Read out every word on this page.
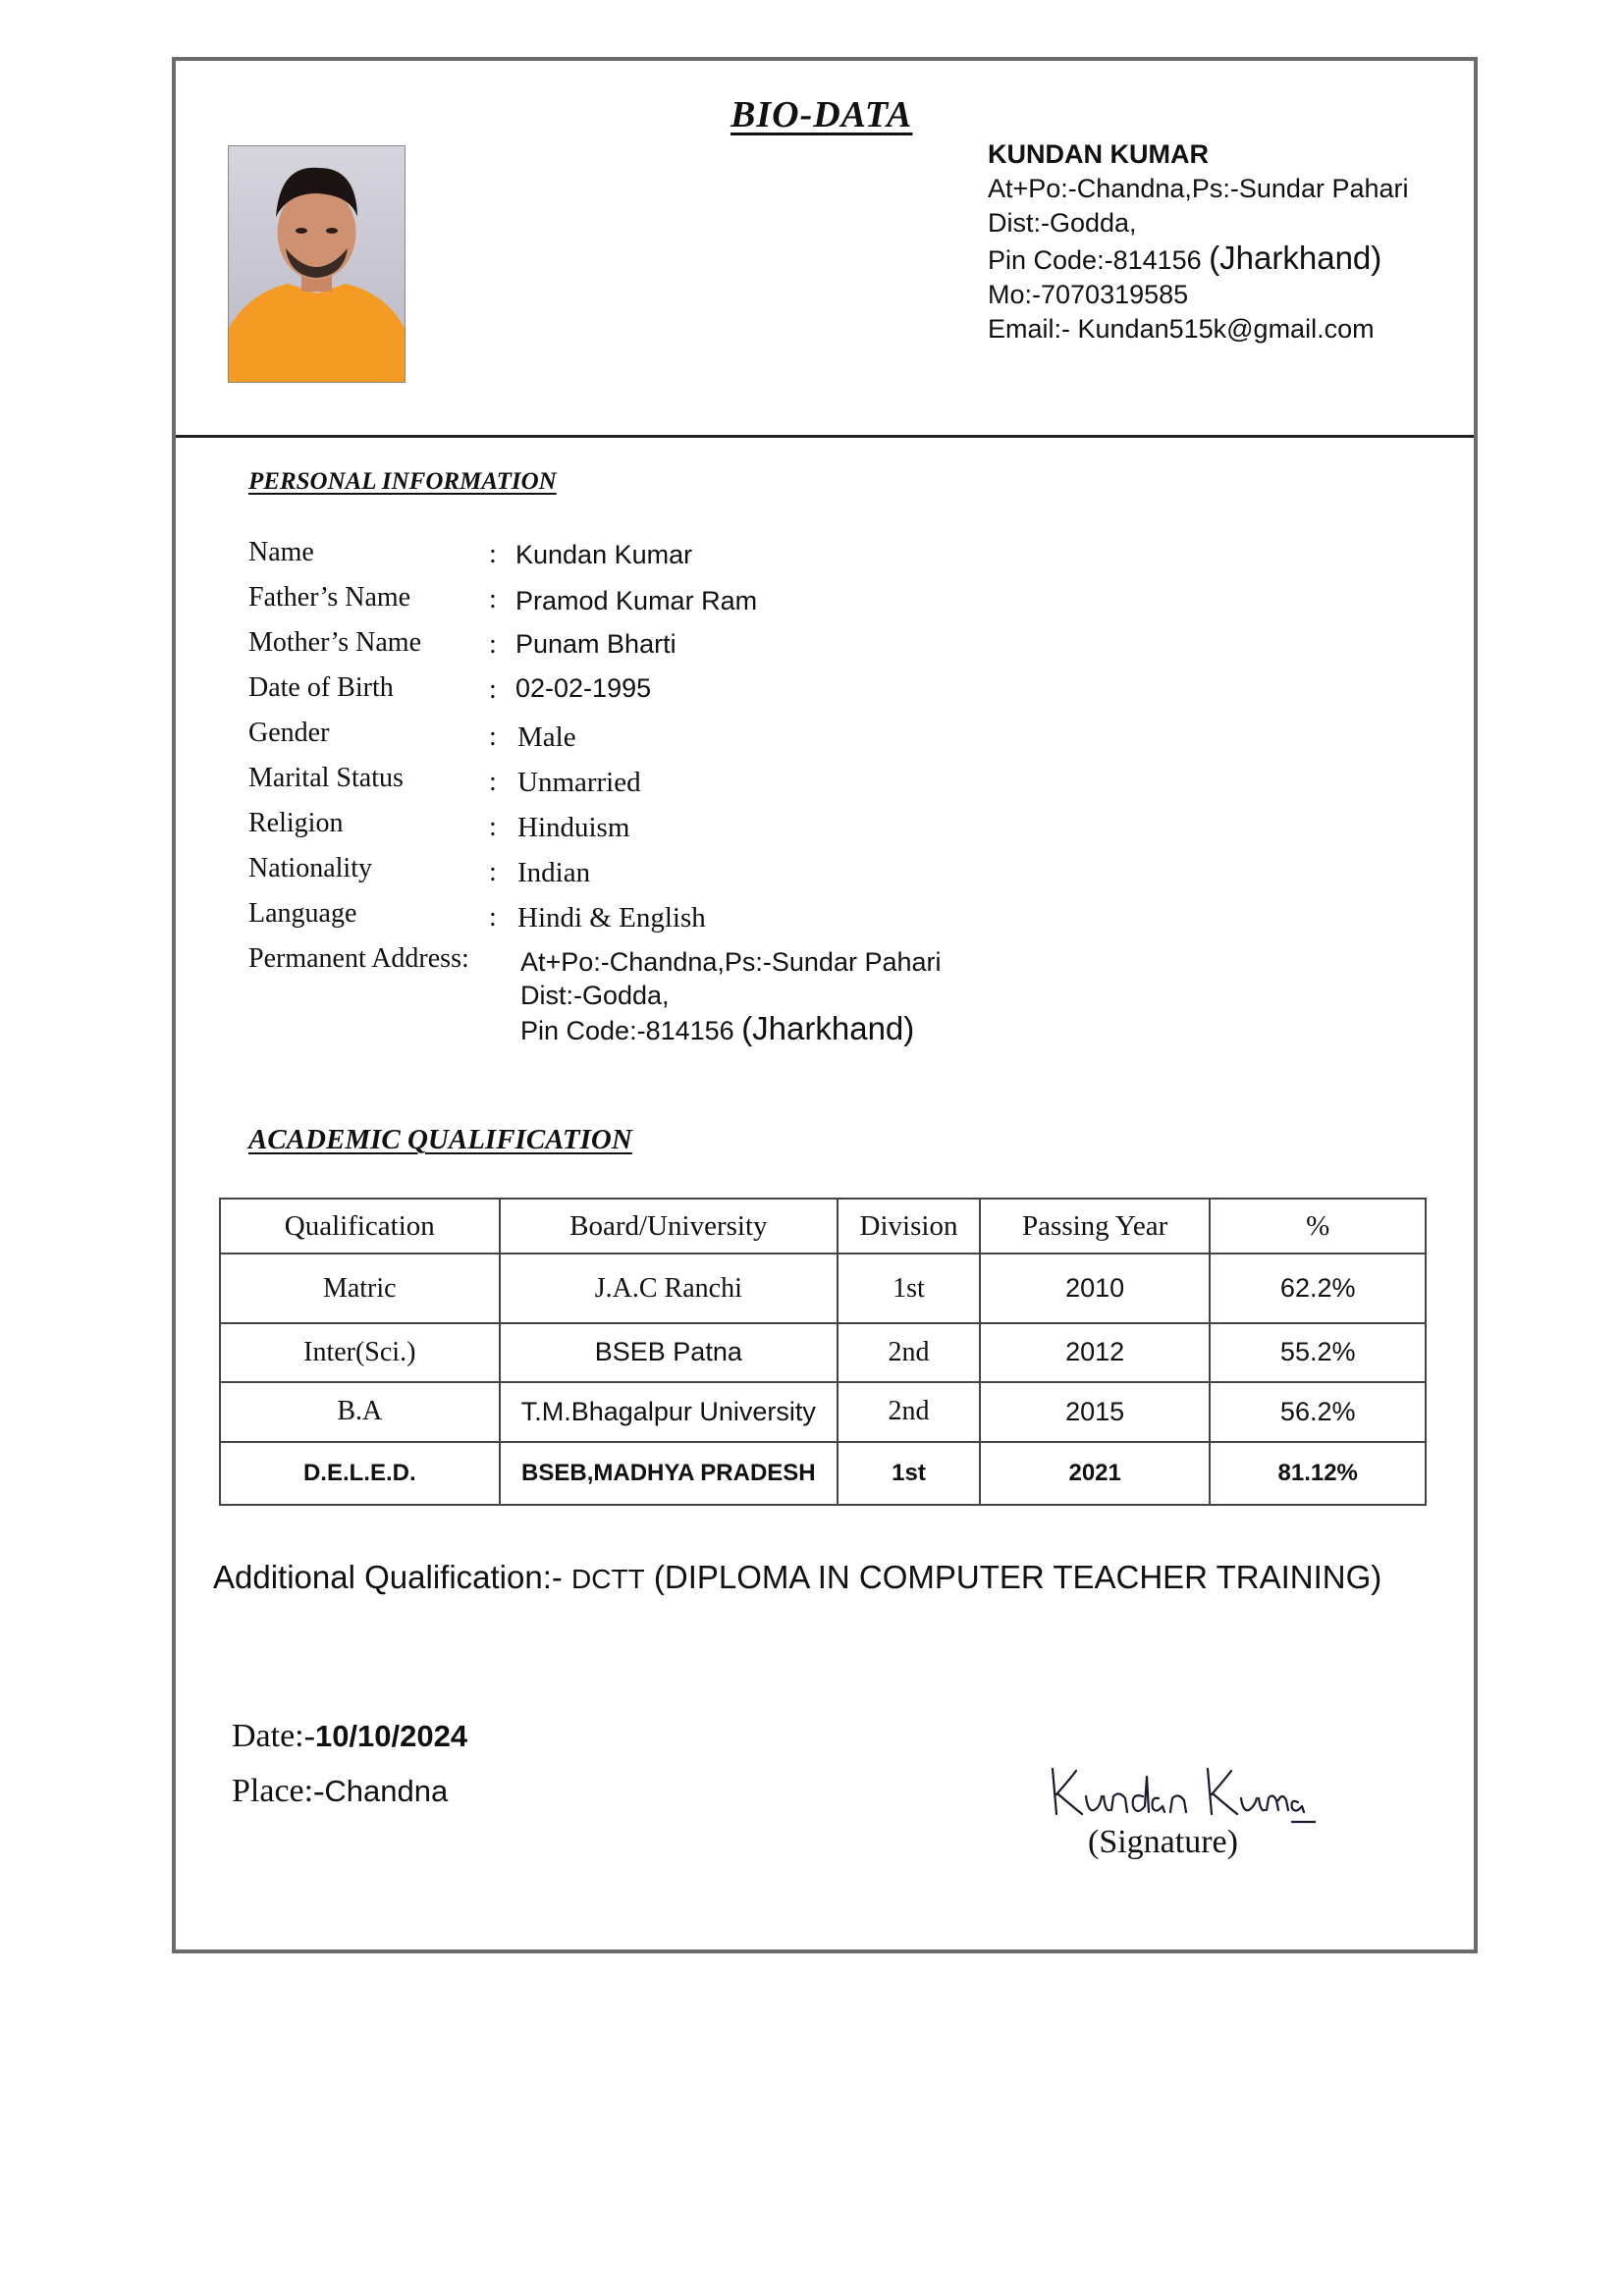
BIO-DATA
KUNDAN KUMAR
At+Po:-Chandna,Ps:-Sundar Pahari
Dist:-Godda,
Pin Code:-814156 (Jharkhand)
Mo:-7070319585
Email:- Kundan515k@gmail.com
PERSONAL INFORMATION
Name	: Kundan Kumar
Father’s Name	: Pramod Kumar Ram
Mother’s Name : Punam Bharti
Date of Birth	: 02-02-1995
Gender	: Male
Marital Status	: Unmarried
Religion	: Hinduism
Nationality	: Indian
Language	: Hindi & English
Permanent Address: At+Po:-Chandna,Ps:-Sundar Pahari
Dist:-Godda,
Pin Code:-814156 (Jharkhand)
ACADEMIC QUALIFICATION
Qualification	Board/University	Division	Passing Year	%
Matric	J.A.C Ranchi	1st	2010	62.2%
Inter(Sci.)	BSEB Patna	2nd	2012	55.2%
B.A	T.M.Bhagalpur University	2nd	2015	56.2%
D.E.L.E.D.	BSEB,MADHYA PRADESH	1st	2021	81.12%
Additional Qualification:- DCTT (DIPLOMA IN COMPUTER TEACHER TRAINING)
Date:-10/10/2024
Place:-Chandna
(Signature)
